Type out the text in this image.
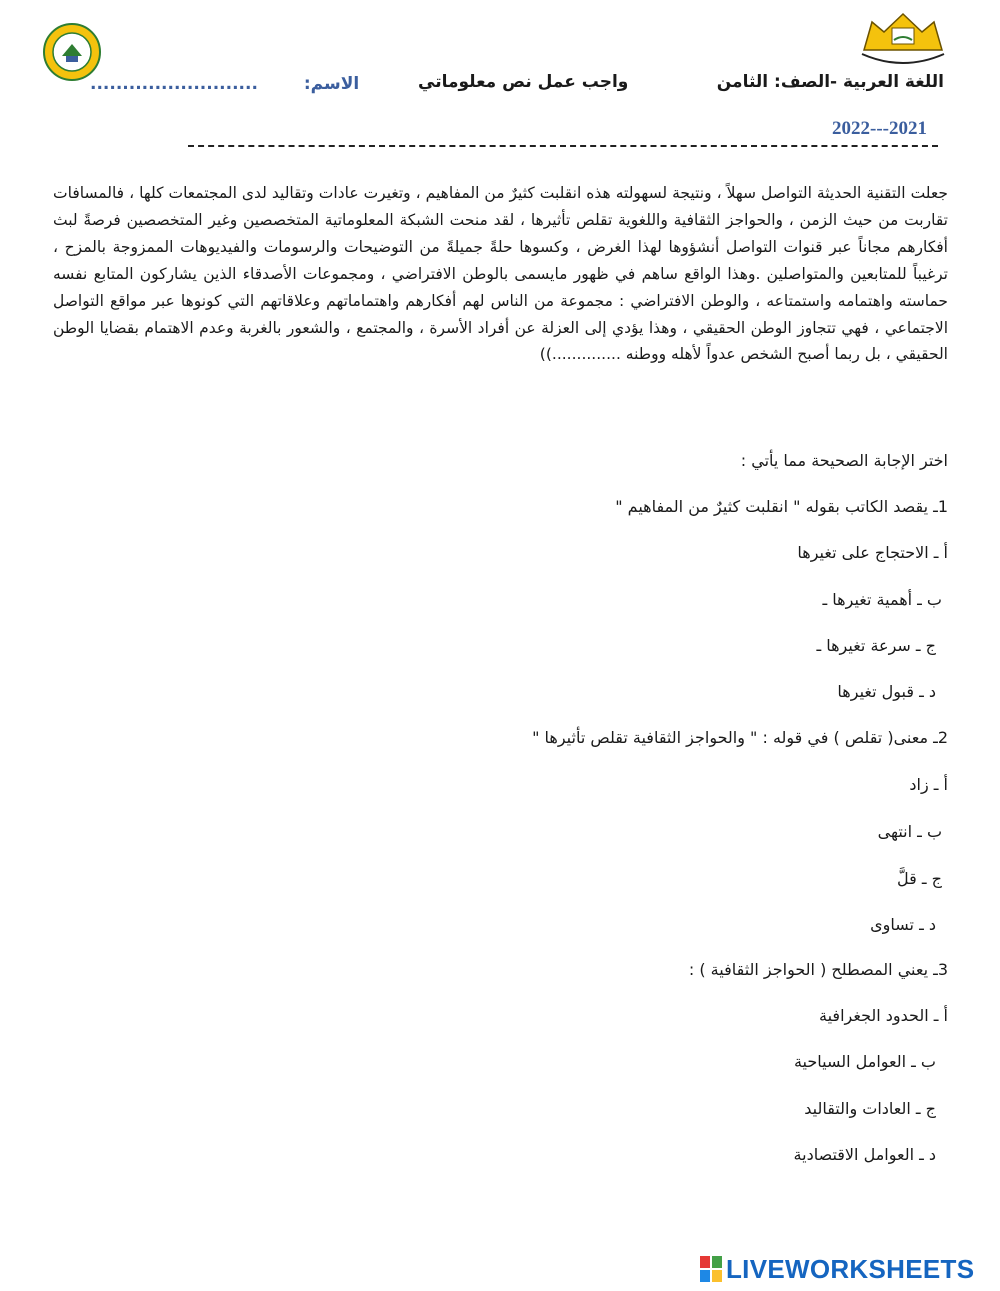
اللغة العربية -الصف: الثامن
واجب عمل نص معلوماتي
الاسم: ..........................
2022---2021
جعلت التقنية الحديثة التواصل سهلاً ، ونتيجة لسهولته هذه انقلبت كثيرٌ من المفاهيم ، وتغيرت عادات وتقاليد لدى المجتمعات كلها ، فالمسافات تقاربت من حيث الزمن ، والحواجز الثقافية واللغوية تقلص تأثيرها ، لقد منحت الشبكة المعلوماتية المتخصصين وغير المتخصصين فرصةً لبث أفكارهم مجاناً عبر قنوات التواصل أنشؤوها لهذا الغرض ، وكسوها حلةً جميلةً من التوضيحات والرسومات والفيديوهات الممزوجة بالمزح ، ترغيباً للمتابعين والمتواصلين .وهذا الواقع ساهم في ظهور مايسمى بالوطن الافتراضي ، ومجموعات الأصدقاء الذين يشاركون المتابع نفسه حماسته واهتمامه واستمتاعه ، والوطن الافتراضي : مجموعة من الناس لهم أفكارهم واهتماماتهم وعلاقاتهم التي كونوها عبر مواقع التواصل الاجتماعي ، فهي تتجاوز الوطن الحقيقي ، وهذا يؤدي إلى العزلة عن أفراد الأسرة ، والمجتمع ، والشعور بالغربة وعدم الاهتمام بقضايا الوطن الحقيقي ، بل ربما أصبح الشخص عدواً لأهله ووطنه ..............))
اختر الإجابة الصحيحة مما يأتي :
1ـ يقصد الكاتب بقوله " انقلبت كثيرٌ من المفاهيم "
أ ـ الاحتجاج على تغيرها
ب ـ أهمية تغيرها ـ
ج ـ سرعة تغيرها ـ
د ـ قبول تغيرها
2ـ معنى( تقلص ) في قوله : " والحواجز الثقافية تقلص تأثيرها "
أ ـ زاد
ب ـ انتهى
ج ـ قلَّ
د ـ تساوى
3ـ يعني المصطلح ( الحواجز الثقافية ) :
أ ـ الحدود الجغرافية
ب ـ العوامل السياحية
ج ـ العادات والتقاليد
د ـ العوامل الاقتصادية
LIVEWORKSHEETS
